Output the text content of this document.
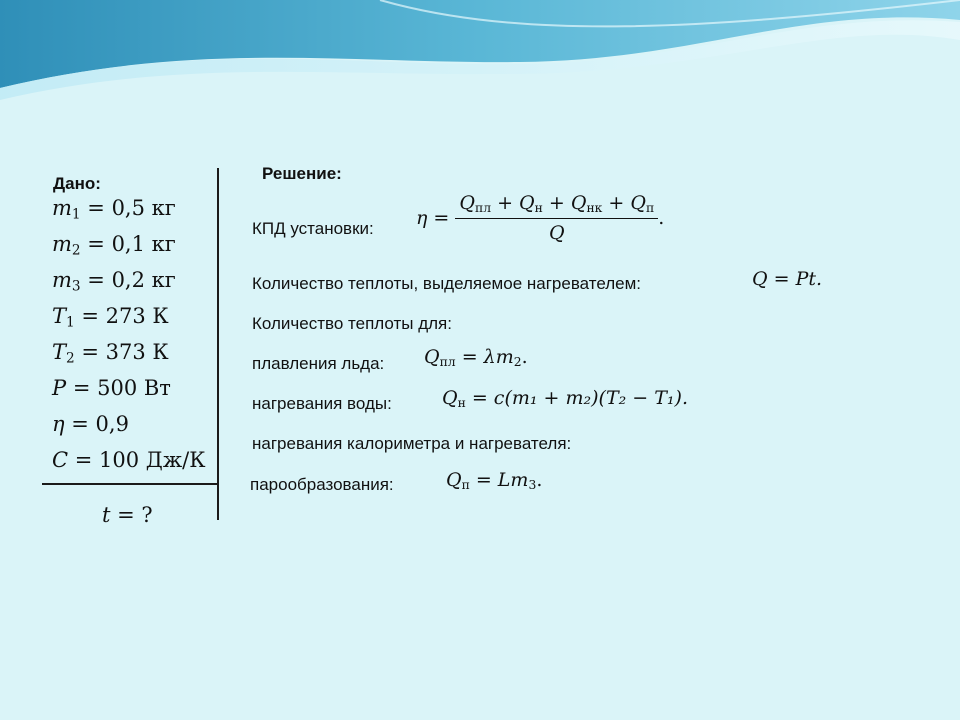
Дано:
$m_1 = 0,5$ кг
$m_2 = 0,1$ кг
$m_3 = 0,2$ кг
$T_1 = 273$ К
$T_2 = 373$ К
P = 500 Вт
η = 0,9
C = 100 Дж/К
t = ?
Решение:
КПД установки: $\eta = \frac{Q_{пл} + Q_н + Q_{нк} + Q_п}{Q}$ .
Количество теплоты, выделяемое нагревателем:	Q = Pt.
Количество теплоты для:
плавления льда: $Q_{пл} = \lambda m_2$.
нагревания воды:	$Q_н = c(m_1 + m_2)(T_2 - T_1)$.
нагревания калориметра и нагревателя:
парообразования:	$Q_п = Lm_3$.
